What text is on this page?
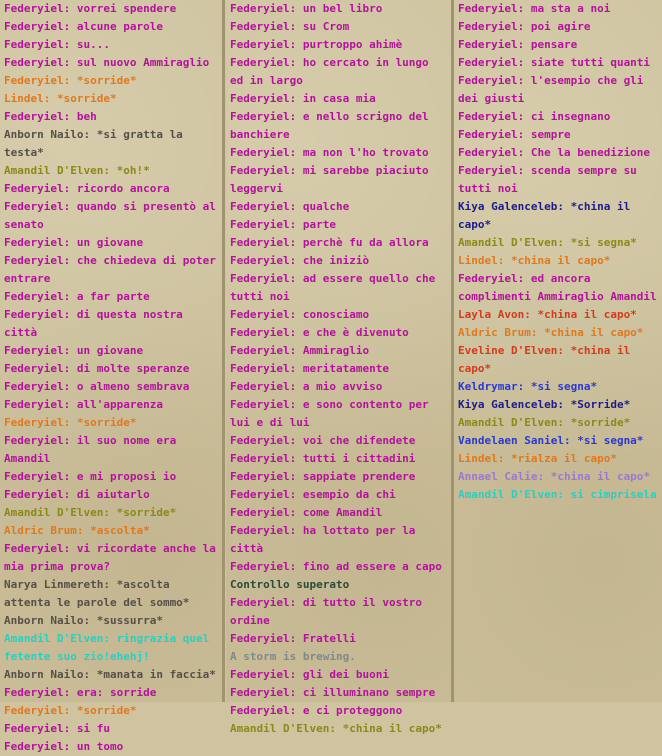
Federyiel: vorrei spendere
Federyiel: alcune parole
Federyiel: su...
Federyiel: sul nuovo Ammiraglio
Federyiel: *sorride*
Lindel: *sorride*
Federyiel: beh
Anborn Nailo: *si gratta la testa*
Amandil D'Elven: *oh!*
Federyiel: ricordo ancora
Federyiel: quando si presentò al senato
Federyiel: un giovane
Federyiel: che chiedeva di poter entrare
Federyiel: a far parte
Federyiel: di questa nostra città
Federyiel: un giovane
Federyiel: di molte speranze
Federyiel: o almeno sembrava
Federyiel: all'apparenza
Federyiel: *sorride*
Federyiel: il suo nome era Amandil
Federyiel: e mi proposi io
Federyiel: di aiutarlo
Amandil D'Elven: *sorride*
Aldric Brum: *ascolta*
Federyiel: vi ricordate anche la mia prima prova?
Narya Linmereth: *ascolta attenta le parole del sommo*
Anborn Nailo: *sussurra*
Amandil D'Elven: ringrazia quel fetente suo zio!ehehj!
Anborn Nailo: *manata in faccia*
Federyiel: era: sorride
Federyiel: *sorride*
Federyiel: si fu
Federyiel: un tomo
Federyiel: un bel libro
Federyiel: su Crom
Federyiel: purtroppo ahimè
Federyiel: ho cercato in lungo ed in largo
Federyiel: in casa mia
Federyiel: e nello scrigno del banchiere
Federyiel: ma non l'ho trovato
Federyiel: mi sarebbe piaciuto leggervi
Federyiel: qualche
Federyiel: parte
Federyiel: perchè fu da allora
Federyiel: che iniziò
Federyiel: ad essere quello che tutti noi
Federyiel: conosciamo
Federyiel: e che è divenuto
Federyiel: Ammiraglio
Federyiel: meritatamente
Federyiel: a mio avviso
Federyiel: e sono contento per lui e di lui
Federyiel: voi che difendete
Federyiel: tutti i cittadini
Federyiel: sappiate prendere
Federyiel: esempio da chi
Federyiel: come Amandil
Federyiel: ha lottato per la città
Federyiel: fino ad essere a capo
Controllo superato
Federyiel: di tutto il vostro ordine
Federyiel: Fratelli
A storm is brewing.
Federyiel: gli dei buoni
Federyiel: ci illuminano sempre
Federyiel: e ci proteggono
Amandil D'Elven: *china il capo*
Federyiel: ma sta a noi
Federyiel: poi agire
Federyiel: pensare
Federyiel: siate tutti quanti
Federyiel: l'esempio che gli dei giusti
Federyiel: ci insegnano
Federyiel: sempre
Federyiel: Che la benedizione
Federyiel: scenda sempre su tutti noi
Kiya Galenceleb: *china il capo*
Amandil D'Elven: *si segna*
Lindel: *china il capo*
Federyiel: ed ancora complimenti Ammiraglio Amandil
Layla Avon: *china il capo*
Aldric Brum: *china il capo*
Eveline D'Elven: *china il capo*
Keldrymar: *si segna*
Kiya Galenceleb: *Sorride*
Amandil D'Elven: *sorride*
Vandelaen Saniel: *si segna*
Lindel: *rialza il capo*
Annael Calie: *china il capo*
Amandil D'Elven: si cimprisela
